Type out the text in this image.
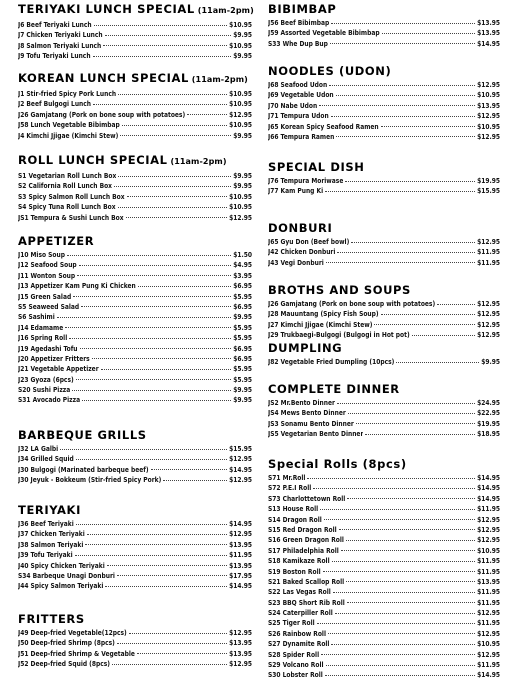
TERIYAKI LUNCH SPECIAL (11am-2pm)
J6 Beef Teriyaki Lunch	$10.95
J7 Chicken Teriyaki Lunch	$9.95
J8 Salmon Teriyaki Lunch	$10.95
J9 Tofu Teriyaki Lunch	$9.95
KOREAN LUNCH SPECIAL (11am-2pm)
J1 Stir-fried Spicy Pork Lunch	$10.95
J2 Beef Bulgogi Lunch	$10.95
J26 Gamjatang (Pork on bone soup with potatoes)	$12.95
J58 Lunch Vegetable Bibimbap	$10.95
J4 Kimchi Jjigae (Kimchi Stew)	$9.95
ROLL LUNCH SPECIAL (11am-2pm)
S1 Vegetarian Roll Lunch Box	$9.95
S2 California Roll Lunch Box	$9.95
S3 Spicy Salmon Roll Lunch Box	$10.95
S4 Spicy Tuna Roll Lunch Box	$10.95
JS1 Tempura & Sushi Lunch Box	$12.95
APPETIZER
J10 Miso Soup	$1.50
J12 Seafood Soup	$4.95
J11 Wonton Soup	$3.95
J13 Appetizer Kam Pung Ki Chicken	$6.95
J15 Green Salad	$5.95
S5 Seaweed Salad	$6.95
S6 Sashimi	$9.95
J14 Edamame	$5.95
J16 Spring Roll	$5.95
J19 Agedashi Tofu	$6.95
J20 Appetizer Fritters	$6.95
J21 Vegetable Appetizer	$5.95
J23 Gyoza (6pcs)	$5.95
S20 Sushi Pizza	$9.95
S31 Avocado Pizza	$9.95
BARBEQUE GRILLS
J32 LA Galbi	$15.95
J34 Grilled Squid	$12.95
J30 Bulgogi (Marinated barbeque beef)	$14.95
J30 Jeyuk - Bokkeum (Stir-fried Spicy Pork)	$12.95
TERIYAKI
J36 Beef Teriyaki	$14.95
J37 Chicken Teriyaki	$12.95
J38 Salmon Teriyaki	$13.95
J39 Tofu Teriyaki	$11.95
J40 Spicy Chicken Teriyaki	$13.95
S34 Barbeque Unagi Donburi	$17.95
J44 Spicy Salmon Teriyaki	$14.95
FRITTERS
J49 Deep-fried Vegetable(12pcs)	$12.95
J50 Deep-fried Shrimp (8pcs)	$13.95
J51 Deep-fried Shrimp & Vegetable	$13.95
J52 Deep-fried Squid (8pcs)	$12.95
BIBIMBAP
J56 Beef Bibimbap	$13.95
J59 Assorted Vegetable Bibimbap	$13.95
S33 Whe Dup Bup	$14.95
NOODLES (UDON)
J68 Seafood Udon	$12.95
J69 Vegetable Udon	$10.95
J70 Nabe Udon	$13.95
J71 Tempura Udon	$12.95
J65 Korean Spicy Seafood Ramen	$10.95
J66 Tempura Ramen	$12.95
SPECIAL DISH
J76 Tempura Moriwase	$19.95
J77 Kam Pung Ki	$15.95
DONBURI
J65 Gyu Don (Beef bowl)	$12.95
J42 Chicken Donburi	$11.95
J43 Vegi Donburi	$11.95
BROTHS AND SOUPS
J26 Gamjatang (Pork on bone soup with potatoes)	$12.95
J28 Mauuntang (Spicy Fish Soup)	$12.95
J27 Kimchi Jjigae (Kimchi Stew)	$12.95
J29 Trukbaegi-Bulgogi (Bulgogi in Hot pot)	$12.95
DUMPLING
J82 Vegetable Fried Dumpling (10pcs)	$9.95
COMPLETE DINNER
JS2 Mr.Bento Dinner	$24.95
JS4 Mews Bento Dinner	$22.95
JS3 Sonamu Bento Dinner	$19.95
JS5 Vegetarian Bento Dinner	$18.95
Special Rolls (8pcs)
S71 Mr.Roll	$14.95
S72 P.E.I Roll	$14.95
S73 Charlottetown Roll	$14.95
S13 House Roll	$11.95
S14 Dragon Roll	$12.95
S15 Red Dragon Roll	$12.95
S16 Green Dragon Roll	$12.95
S17 Philadelphia Roll	$10.95
S18 Kamikaze Roll	$11.95
S19 Boston Roll	$11.95
S21 Baked Scallop Roll	$13.95
S22 Las Vegas Roll	$11.95
S23 BBQ Short Rib Roll	$11.95
S24 Caterpiller Roll	$12.95
S25 Tiger Roll	$11.95
S26 Rainbow Roll	$12.95
S27 Dynamite Roll	$10.95
S28 Spider Roll	$12.95
S29 Volcano Roll	$11.95
S30 Lobster Roll	$14.95
